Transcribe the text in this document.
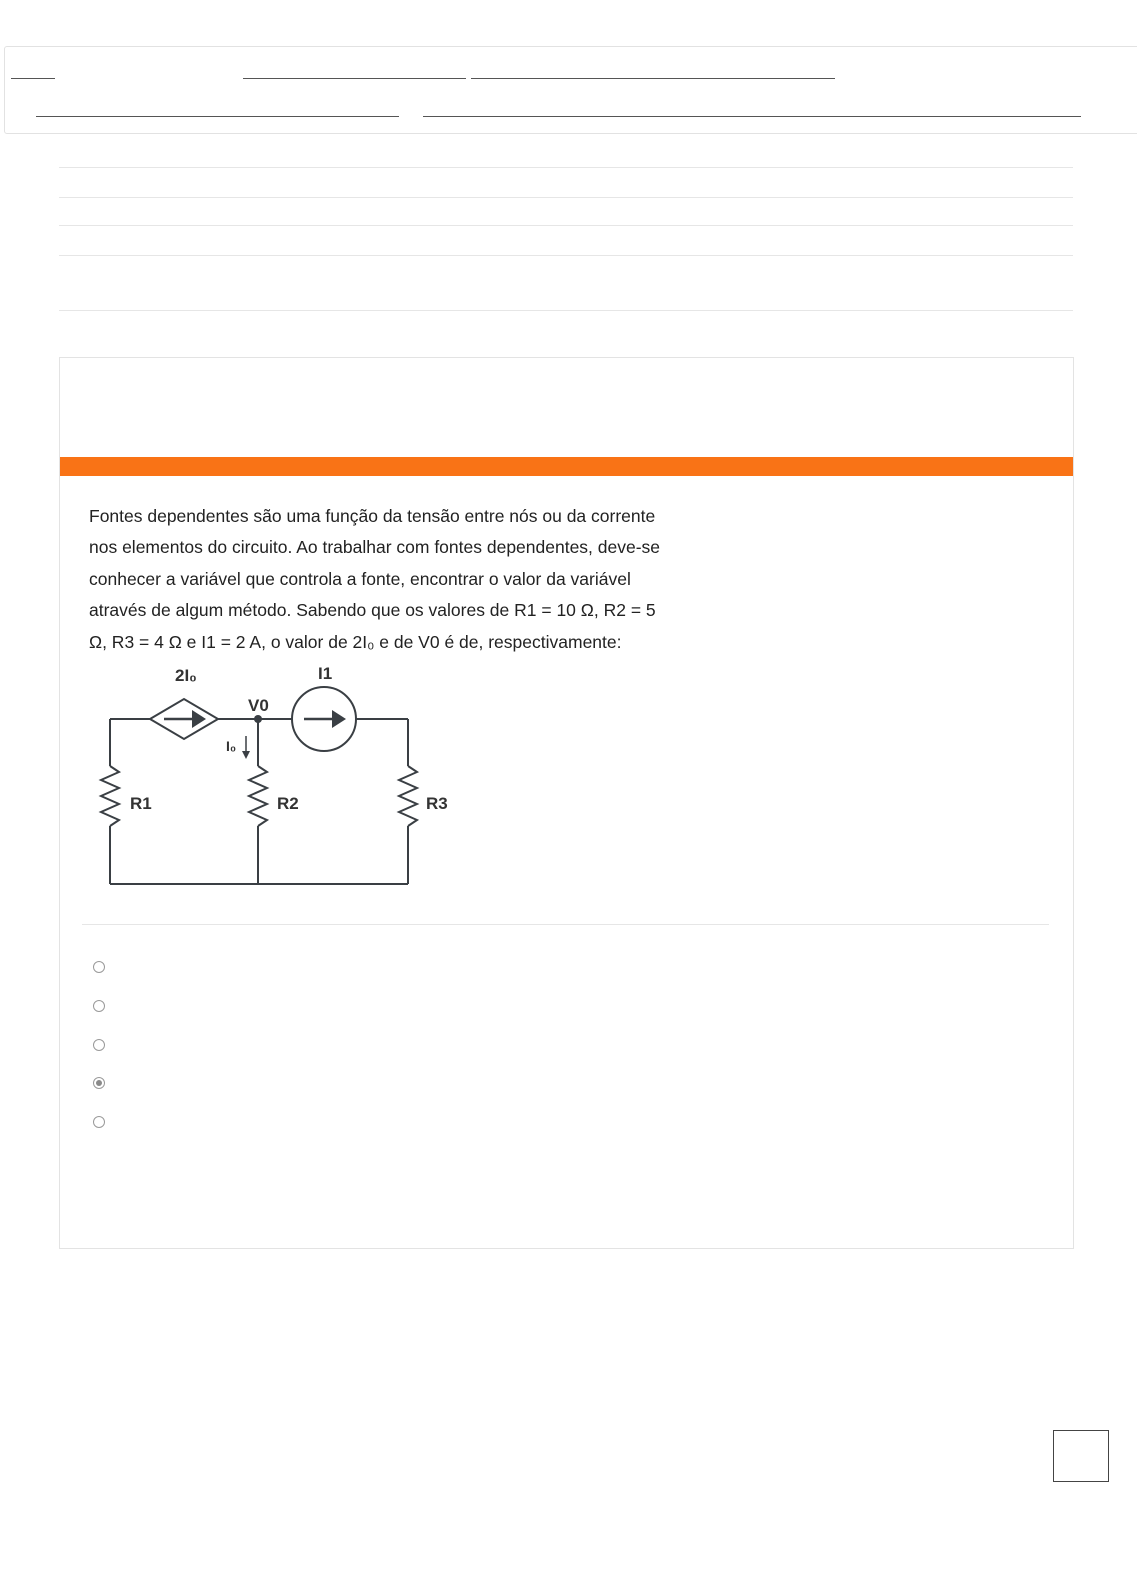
Fontes dependentes são uma função da tensão entre nós ou da corrente
nos elementos do circuito. Ao trabalhar com fontes dependentes, deve-se
conhecer a variável que controla a fonte, encontrar o valor da variável
através de algum método. Sabendo que os valores de R1 = 10 Ω, R2 = 5
Ω, R3 = 4 Ω e I1 = 2 A, o valor de 2I₀ e de V0 é de, respectivamente:
2I₀	I1
V0
I₀
R1	R2	R3
